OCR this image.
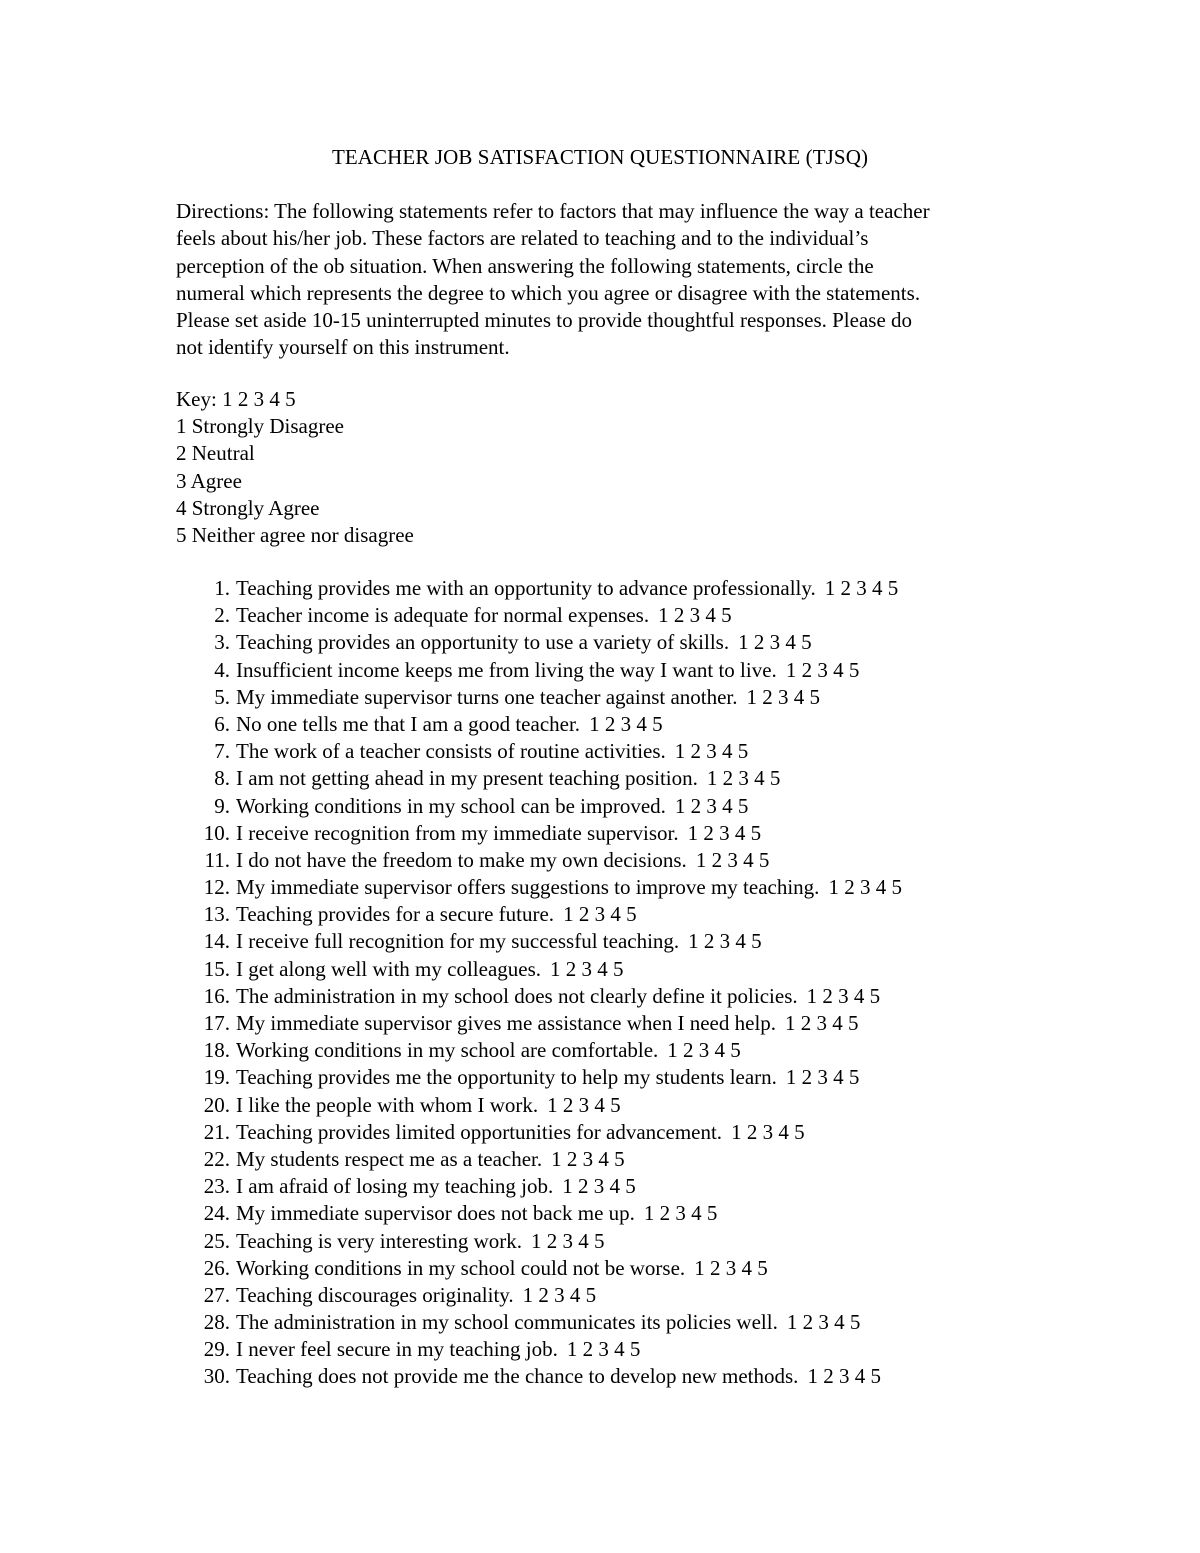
TEACHER JOB SATISFACTION QUESTIONNAIRE (TJSQ)

Directions: The following statements refer to factors that may influence the way a teacher
feels about his/her job. These factors are related to teaching and to the individual’s
perception of the ob situation. When answering the following statements, circle the
numeral which represents the degree to which you agree or disagree with the statements.
Please set aside 10-15 uninterrupted minutes to provide thoughtful responses. Please do
not identify yourself on this instrument.

Key: 1 2 3 4 5
1 Strongly Disagree
2 Neutral
3 Agree
4 Strongly Agree
5 Neither agree nor disagree
1. Teaching provides me with an opportunity to advance professionally. 1 2 3 4 5
2. Teacher income is adequate for normal expenses. 1 2 3 4 5
3. Teaching provides an opportunity to use a variety of skills. 1 2 3 4 5
4. Insufficient income keeps me from living the way I want to live. 1 2 3 4 5
5. My immediate supervisor turns one teacher against another. 1 2 3 4 5
6. No one tells me that I am a good teacher. 1 2 3 4 5
7. The work of a teacher consists of routine activities. 1 2 3 4 5
8. I am not getting ahead in my present teaching position. 1 2 3 4 5
9. Working conditions in my school can be improved. 1 2 3 4 5
10. I receive recognition from my immediate supervisor. 1 2 3 4 5
11. I do not have the freedom to make my own decisions. 1 2 3 4 5
12. My immediate supervisor offers suggestions to improve my teaching. 1 2 3 4 5
13. Teaching provides for a secure future. 1 2 3 4 5
14. I receive full recognition for my successful teaching. 1 2 3 4 5
15. I get along well with my colleagues. 1 2 3 4 5
16. The administration in my school does not clearly define it policies. 1 2 3 4 5
17. My immediate supervisor gives me assistance when I need help. 1 2 3 4 5
18. Working conditions in my school are comfortable. 1 2 3 4 5
19. Teaching provides me the opportunity to help my students learn. 1 2 3 4 5
20. I like the people with whom I work. 1 2 3 4 5
21. Teaching provides limited opportunities for advancement. 1 2 3 4 5
22. My students respect me as a teacher. 1 2 3 4 5
23. I am afraid of losing my teaching job. 1 2 3 4 5
24. My immediate supervisor does not back me up. 1 2 3 4 5
25. Teaching is very interesting work. 1 2 3 4 5
26. Working conditions in my school could not be worse. 1 2 3 4 5
27. Teaching discourages originality. 1 2 3 4 5
28. The administration in my school communicates its policies well. 1 2 3 4 5
29. I never feel secure in my teaching job. 1 2 3 4 5
30. Teaching does not provide me the chance to develop new methods. 1 2 3 4 5
